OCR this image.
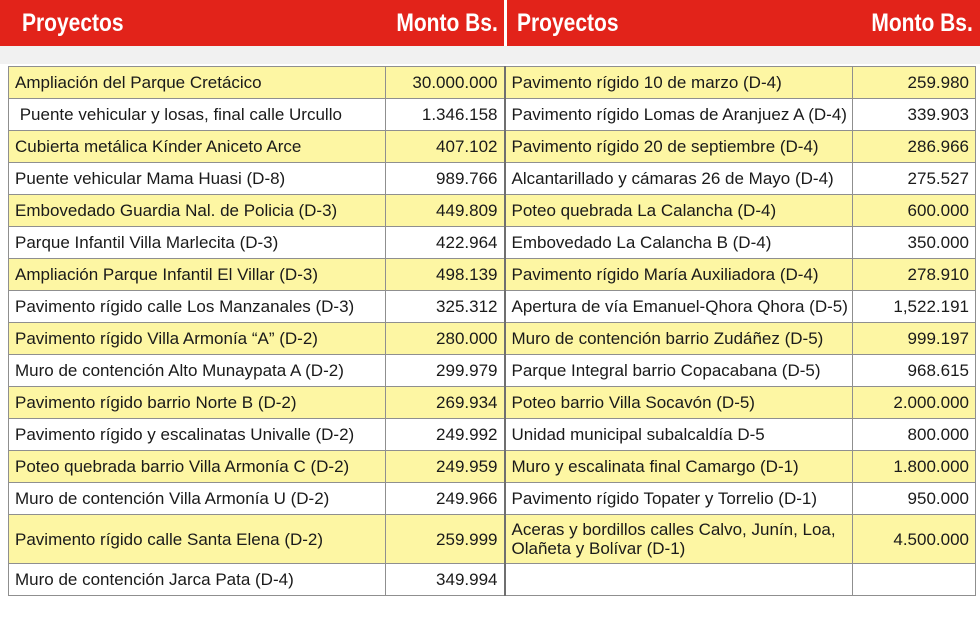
Proyectos	Monto Bs. Proyectos	Monto Bs.
Ampliación del Parque Cretácico	30.000.000	Pavimento rígido 10 de marzo (D-4)	259.980
Puente vehicular y losas, final calle Urcullo	1.346.158	Pavimento rígido Lomas de Aranjuez A (D-4)	339.903
Cubierta metálica Kínder Aniceto Arce	407.102	Pavimento rígido 20 de septiembre (D-4)	286.966
Puente vehicular Mama Huasi (D-8)	989.766	Alcantarillado y cámaras 26 de Mayo (D-4)	275.527
Embovedado Guardia Nal. de Policia (D-3)	449.809	Poteo quebrada La Calancha (D-4)	600.000
Parque Infantil Villa Marlecita (D-3)	422.964	Embovedado La Calancha B (D-4)	350.000
Ampliación Parque Infantil El Villar (D-3)	498.139	Pavimento rígido María Auxiliadora (D-4)	278.910
Pavimento rígido calle Los Manzanales (D-3)	325.312	Apertura de vía Emanuel-Qhora Qhora (D-5)	1,522.191
Pavimento rígido Villa Armonía “A” (D-2)	280.000	Muro de contención barrio Zudáñez (D-5)	999.197
Muro de contención Alto Munaypata A (D-2)	299.979	Parque Integral barrio Copacabana (D-5)	968.615
Pavimento rígido barrio Norte B (D-2)	269.934	Poteo barrio Villa Socavón (D-5)	2.000.000
Pavimento rígido y escalinatas Univalle (D-2)	249.992	Unidad municipal subalcaldía D-5	800.000
Poteo quebrada barrio Villa Armonía C (D-2)	249.959	Muro y escalinata final Camargo (D-1)	1.800.000
Muro de contención Villa Armonía U (D-2)	249.966	Pavimento rígido Topater y Torrelio (D-1)	950.000
Pavimento rígido calle Santa Elena (D-2)	259.999	Aceras y bordillos calles Calvo, Junín, Loa, Olañeta y Bolívar (D-1)	4.500.000
Muro de contención Jarca Pata (D-4)	349.994		
